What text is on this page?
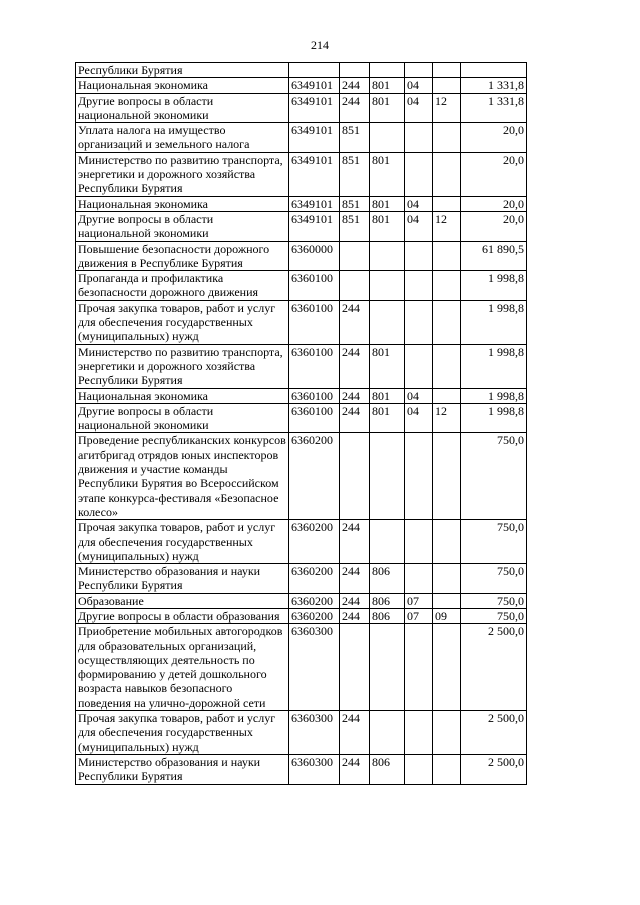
214
Республики Бурятия						
Национальная экономика	6349101	244	801	04		1 331,8
Другие вопросы в области национальной экономики	6349101	244	801	04	12	1 331,8
Уплата налога на имущество организаций и земельного налога	6349101	851				20,0
Министерство по развитию транспорта, энергетики и дорожного хозяйства Республики Бурятия	6349101	851	801			20,0
Национальная экономика	6349101	851	801	04		20,0
Другие вопросы в области национальной экономики	6349101	851	801	04	12	20,0
Повышение безопасности дорожного движения в Республике Бурятия	6360000					61 890,5
Пропаганда и профилактика безопасности дорожного движения	6360100					1 998,8
Прочая закупка товаров, работ и услуг для обеспечения государственных (муниципальных) нужд	6360100	244				1 998,8
Министерство по развитию транспорта, энергетики и дорожного хозяйства Республики Бурятия	6360100	244	801			1 998,8
Национальная экономика	6360100	244	801	04		1 998,8
Другие вопросы в области национальной экономики	6360100	244	801	04	12	1 998,8
Проведение республиканских конкурсов агитбригад отрядов юных инспекторов движения и участие команды Республики Бурятия во Всероссийском этапе конкурса-фестиваля «Безопасное колесо»	6360200					750,0
Прочая закупка товаров, работ и услуг для обеспечения государственных (муниципальных) нужд	6360200	244				750,0
Министерство образования и науки Республики Бурятия	6360200	244	806			750,0
Образование	6360200	244	806	07		750,0
Другие вопросы в области образования	6360200	244	806	07	09	750,0
Приобретение мобильных автогородков для образовательных организаций, осуществляющих деятельность по формированию у детей дошкольного возраста навыков безопасного поведения на улично-дорожной сети	6360300					2 500,0
Прочая закупка товаров, работ и услуг для обеспечения государственных (муниципальных) нужд	6360300	244				2 500,0
Министерство образования и науки Республики Бурятия	6360300	244	806			2 500,0
